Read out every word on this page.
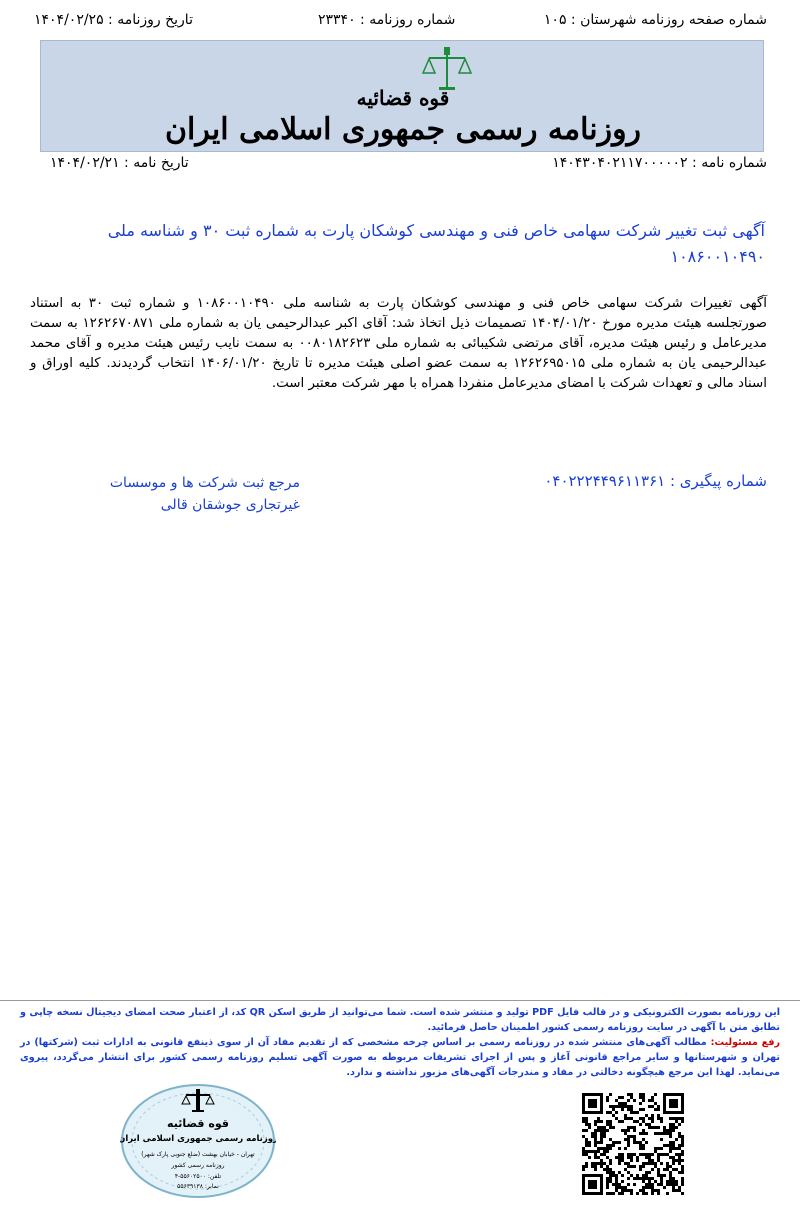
شماره صفحه روزنامه شهرستان : ۱۰۵
شماره روزنامه : ۲۳۳۴۰
تاریخ روزنامه : ۱۴۰۴/۰۲/۲۵
قوه قضائیه
روزنامه رسمی جمهوری اسلامی ایران
شماره نامه : ۱۴۰۴۳۰۴۰۲۱۱۷۰۰۰۰۰۲
تاریخ نامه : ۱۴۰۴/۰۲/۲۱
آگهی ثبت تغییر شرکت سهامی خاص فنی و مهندسی کوشکان پارت به شماره ثبت ۳۰ و شناسه ملی ۱۰۸۶۰۰۱۰۴۹۰
آگهی تغییرات شرکت سهامی خاص فنی و مهندسی کوشکان پارت به شناسه ملی ۱۰۸۶۰۰۱۰۴۹۰ و شماره ثبت ۳۰ به استناد صورتجلسه هیئت مدیره مورخ ۱۴۰۴/۰۱/۲۰ تصمیمات ذیل اتخاذ شد: آقای اکبر عبدالرحیمی یان به شماره ملی ۱۲۶۲۶۷۰۸۷۱ به سمت مدیرعامل و رئیس هیئت مدیره، آقای مرتضی شکیبائی به شماره ملی ۰۰۸۰۱۸۲۶۲۳ به سمت نایب رئیس هیئت مدیره و آقای محمد عبدالرحیمی یان به شماره ملی ۱۲۶۲۶۹۵۰۱۵ به سمت عضو اصلی هیئت مدیره تا تاریخ ۱۴۰۶/۰۱/۲۰ انتخاب گردیدند. کلیه اوراق و اسناد مالی و تعهدات شرکت با امضای مدیرعامل منفردا همراه با مهر شرکت معتبر است.
شماره پیگیری : ۰۴۰۲۲۲۴۴۹۶۱۱۳۶۱
مرجع ثبت شرکت ها و موسسات
غیرتجاری جوشقان قالی
این روزنامه بصورت الکترونیکی و در قالب فایل PDF تولید و منتشر شده است. شما می‌توانید از طریق اسکن QR کد، از اعتبار صحت امضای دیجیتال نسخه چاپی و تطابق متن با آگهی در سایت روزنامه رسمی کشور اطمینان حاصل فرمائید.
رفع مسئولیت: مطالب آگهی‌های منتشر شده در روزنامه رسمی بر اساس چرخه مشخصی که از تقدیم مفاد آن از سوی ذینفع قانونی به ادارات ثبت (شرکتها) در تهران و شهرستانها و سایر مراجع قانونی آغاز و پس از اجرای تشریفات مربوطه به صورت آگهی تسلیم روزنامه رسمی کشور برای انتشار می‌گردد، پیروی می‌نماید. لهذا این مرجع هیچگونه دخالتی در مفاد و مندرجات آگهی‌های مزبور نداشته و ندارد.
قوه قضائیه
روزنامه رسمی جمهوری اسلامی ایران
تهران - خیابان بهشت (ضلع جنوبی پارک شهر)
روزنامه رسمی کشور
تلفن: ۵۵۶۰۲۵۰۰-۴
نمابر: ۵۵۶۳۹۱۳۸
